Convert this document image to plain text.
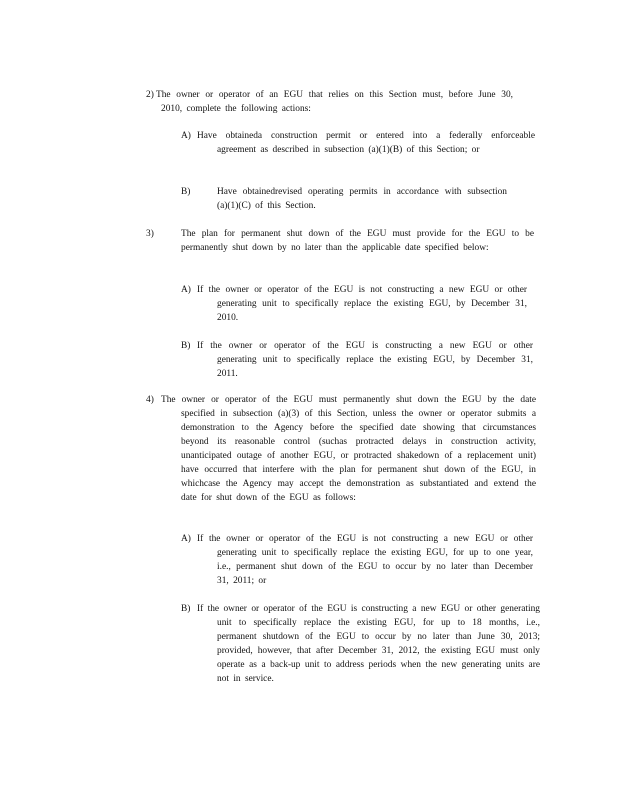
2) The owner or operator of an EGU that relies on this Section must, before June 30, 2010, complete the following actions:

A) Have obtaineda construction permit or entered into a federally enforceable agreement as described in subsection (a)(1)(B) of this Section; or

B)	Have obtainedrevised operating permits in accordance with subsection (a)(1)(C) of this Section.

3)	The plan for permanent shut down of the EGU must provide for the EGU to be permanently shut down by no later than the applicable date specified below:

A) If the owner or operator of the EGU is not constructing a new EGU or other generating unit to specifically replace the existing EGU, by December 31, 2010.

B) If the owner or operator of the EGU is constructing a new EGU or other generating unit to specifically replace the existing EGU, by December 31, 2011.

4) The owner or operator of the EGU must permanently shut down the EGU by the date specified in subsection (a)(3) of this Section, unless the owner or operator submits a demonstration to the Agency before the specified date showing that circumstances beyond its reasonable control (suchas protracted delays in construction activity, unanticipated outage of another EGU, or protracted shakedown of a replacement unit) have occurred that interfere with the plan for permanent shut down of the EGU, in whichcase the Agency may accept the demonstration as substantiated and extend the date for shut down of the EGU as follows:

A) If the owner or operator of the EGU is not constructing a new EGU or other generating unit to specifically replace the existing EGU, for up to one year, i.e., permanent shut down of the EGU to occur by no later than December 31, 2011; or

B) If the owner or operator of the EGU is constructing a new EGU or other generating unit to specifically replace the existing EGU, for up to 18 months, i.e., permanent shutdown of the EGU to occur by no later than June 30, 2013; provided, however, that after December 31, 2012, the existing EGU must only operate as a back-up unit to address periods when the new generating units are not in service.
